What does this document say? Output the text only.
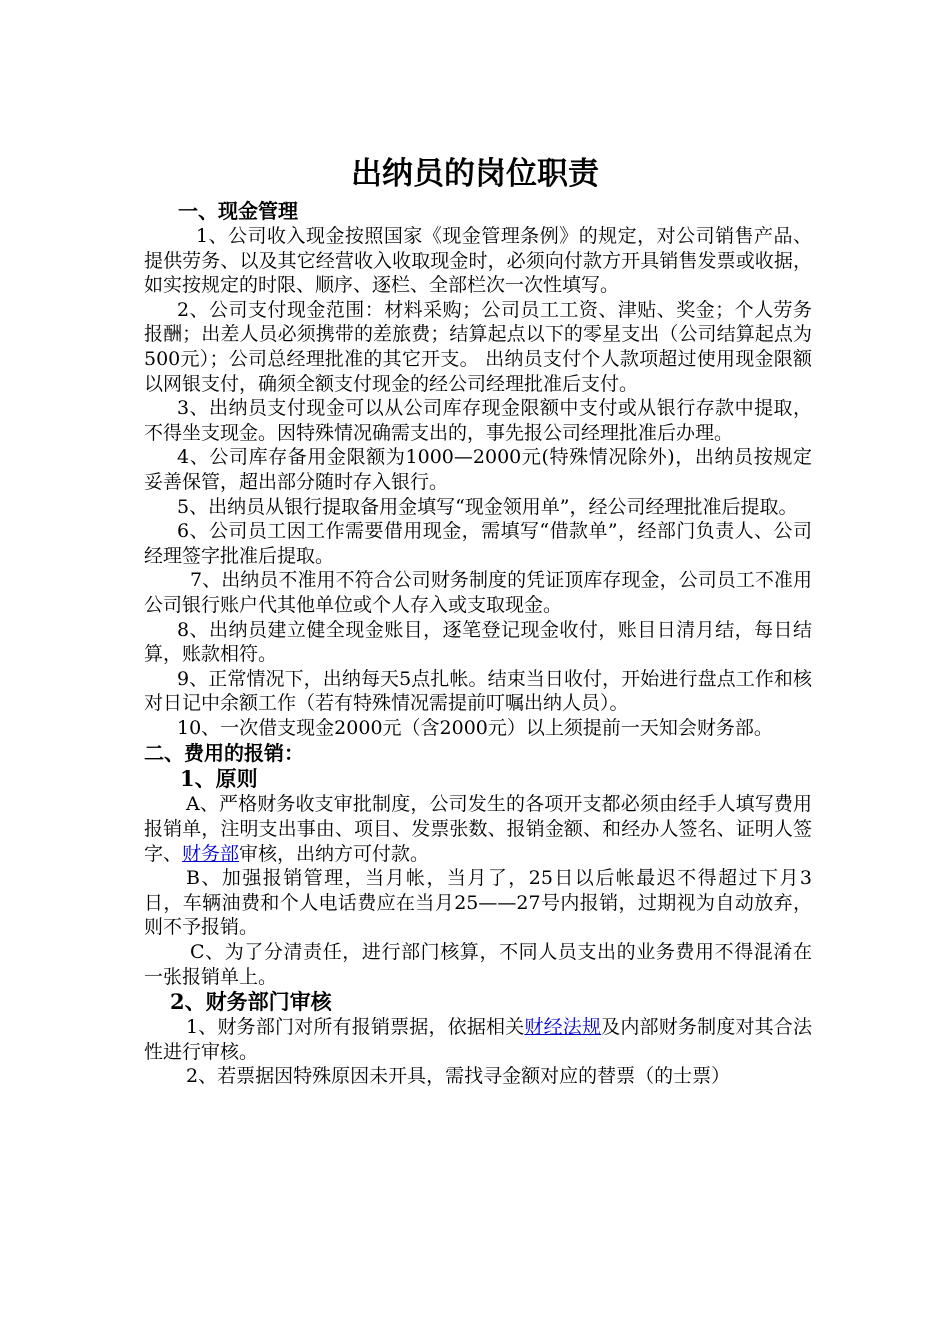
出纳员的岗位职责

一、现金管理

1、公司收入现金按照国家《现金管理条例》的规定，对公司销售产品、提供劳务、以及其它经营收入收取现金时，必须向付款方开具销售发票或收据，如实按规定的时限、顺序、逐栏、全部栏次一次性填写。

2、公司支付现金范围：材料采购；公司员工工资、津贴、奖金；个人劳务报酬；出差人员必须携带的差旅费；结算起点以下的零星支出（公司结算起点为500元）；公司总经理批准的其它开支。 出纳员支付个人款项超过使用现金限额以网银支付，确须全额支付现金的经公司经理批准后支付。

3、出纳员支付现金可以从公司库存现金限额中支付或从银行存款中提取，不得坐支现金。因特殊情况确需支出的，事先报公司经理批准后办理。

4、公司库存备用金限额为1000—2000元(特殊情况除外)，出纳员按规定妥善保管，超出部分随时存入银行。

5、出纳员从银行提取备用金填写“现金领用单”，经公司经理批准后提取。

6、公司员工因工作需要借用现金，需填写“借款单”，经部门负责人、公司经理签字批准后提取。

7、出纳员不准用不符合公司财务制度的凭证顶库存现金，公司员工不准用公司银行账户代其他单位或个人存入或支取现金。

8、出纳员建立健全现金账目，逐笔登记现金收付，账目日清月结，每日结算，账款相符。

9、正常情况下，出纳每天5点扎帐。结束当日收付，开始进行盘点工作和核对日记中余额工作（若有特殊情况需提前叮嘱出纳人员）。

10、一次借支现金2000元（含2000元）以上须提前一天知会财务部。

二、费用的报销：

1、原则

A、严格财务收支审批制度，公司发生的各项开支都必须由经手人填写费用报销单，注明支出事由、项目、发票张数、报销金额、和经办人签名、证明人签字、财务部审核，出纳方可付款。

B、加强报销管理，当月帐，当月了，25日以后帐最迟不得超过下月3 日，车辆油费和个人电话费应在当月25——27号内报销，过期视为自动放弃，则不予报销。

C、为了分清责任，进行部门核算，不同人员支出的业务费用不得混淆在一张报销单上。

2、财务部门审核

1、财务部门对所有报销票据，依据相关财经法规及内部财务制度对其合法性进行审核。

2、若票据因特殊原因未开具，需找寻金额对应的替票（的士票）
